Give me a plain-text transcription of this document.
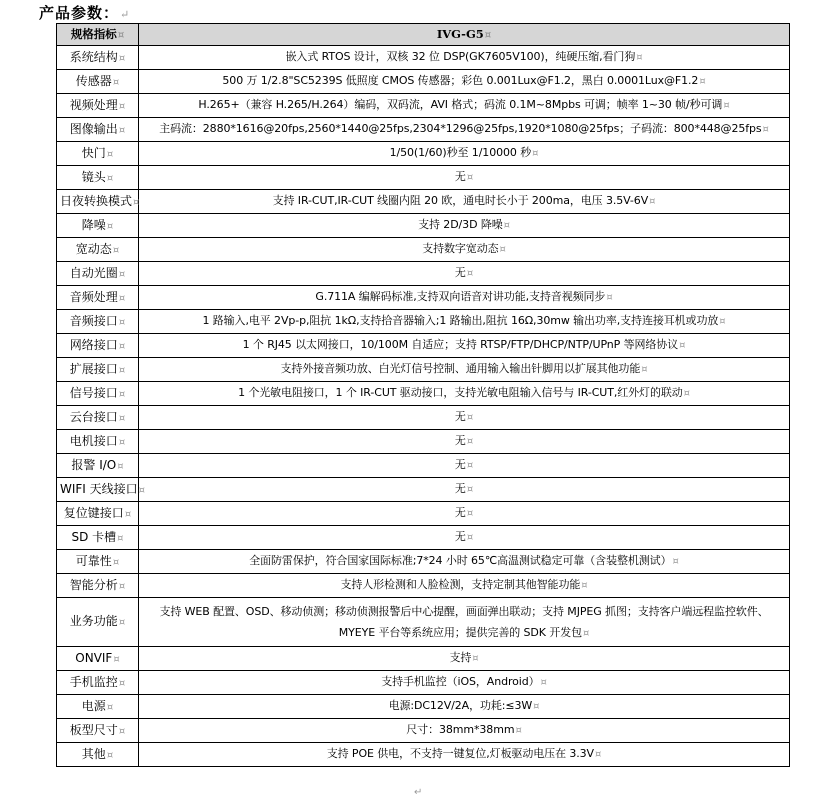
产品参数：↵
规格指标¤	IVG-G5¤
系统结构¤	嵌入式 RTOS 设计，双核 32 位 DSP(GK7605V100)，纯硬压缩,看门狗¤
传感器¤	500 万 1/2.8"SC5239S 低照度 CMOS 传感器；彩色 0.001Lux@F1.2，黑白 0.0001Lux@F1.2¤
视频处理¤	H.265+（兼容 H.265/H.264）编码，双码流，AVI 格式；码流 0.1M~8Mpbs 可调；帧率 1~30 帧/秒可调¤
图像输出¤	主码流：2880*1616@20fps,2560*1440@25fps,2304*1296@25fps,1920*1080@25fps；子码流：800*448@25fps¤
快门¤	1/50(1/60)秒至 1/10000 秒¤
镜头¤	无¤
日夜转换模式¤	支持 IR-CUT,IR-CUT 线圈内阻 20 欧，通电时长小于 200ma，电压 3.5V-6V¤
降噪¤	支持 2D/3D 降噪¤
宽动态¤	支持数字宽动态¤
自动光圈¤	无¤
音频处理¤	G.711A 编解码标准,支持双向语音对讲功能,支持音视频同步¤
音频接口¤	1 路输入,电平 2Vp-p,阻抗 1kΩ,支持拾音器输入;1 路输出,阻抗 16Ω,30mw 输出功率,支持连接耳机或功放¤
网络接口¤	1 个 RJ45 以太网接口，10/100M 自适应；支持 RTSP/FTP/DHCP/NTP/UPnP 等网络协议¤
扩展接口¤	支持外接音频功放、白光灯信号控制、通用输入输出针脚用以扩展其他功能¤
信号接口¤	1 个光敏电阻接口，1 个 IR-CUT 驱动接口，支持光敏电阻输入信号与 IR-CUT,红外灯的联动¤
云台接口¤	无¤
电机接口¤	无¤
报警 I/O¤	无¤
WIFI 天线接口¤	无¤
复位键接口¤	无¤
SD 卡槽¤	无¤
可靠性¤	全面防雷保护，符合国家国际标准;7*24 小时 65℃高温测试稳定可靠（含装整机测试）¤
智能分析¤	支持人形检测和人脸检测，支持定制其他智能功能¤
业务功能¤	支持 WEB 配置、OSD、移动侦测；移动侦测报警后中心提醒，画面弹出联动；支持 MJPEG 抓图；支持客户端远程监控软件、MYEYE 平台等系统应用；提供完善的 SDK 开发包¤
ONVIF¤	支持¤
手机监控¤	支持手机监控（iOS，Android）¤
电源¤	电源:DC12V/2A，功耗:≤3W¤
板型尺寸¤	尺寸：38mm*38mm¤
其他¤	支持 POE 供电，不支持一键复位,灯板驱动电压在 3.3V¤
↵
